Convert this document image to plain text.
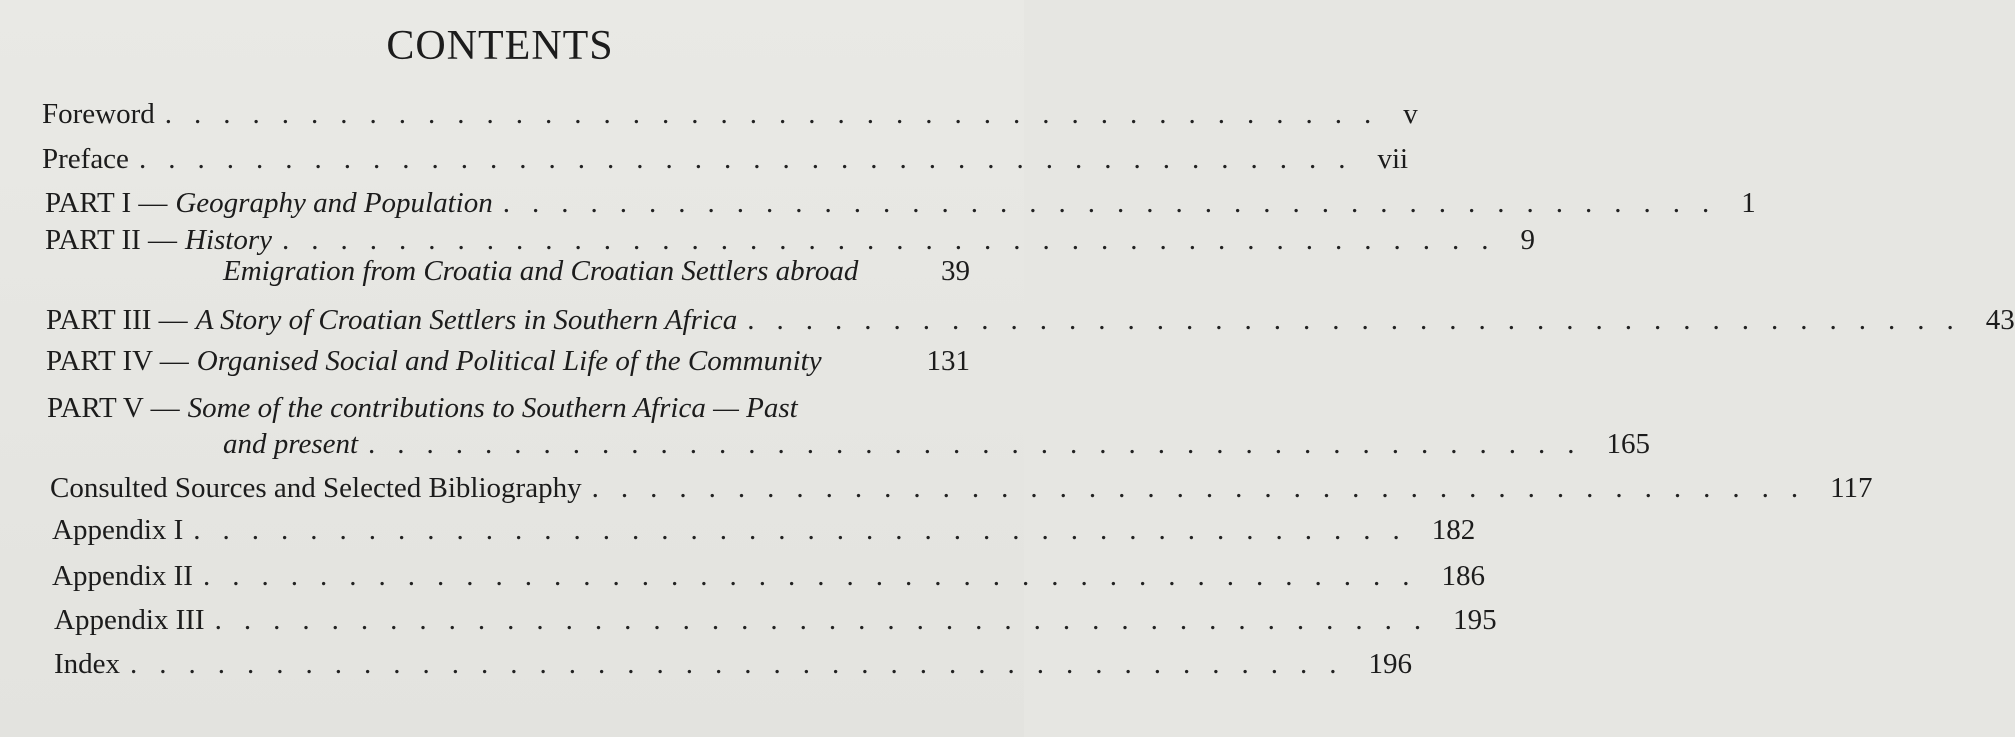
CONTENTS
Foreword .......................................... v
Preface .......................................... vii
PART I — Geography and Population .......................................... 1
PART II — History .......................................... 9
Emigration from Croatia and Croatian Settlers abroad	39
PART III — A Story of Croatian Settlers in Southern Africa .......................................... 43
PART IV — Organised Social and Political Life of the Community	131
PART V — Some of the contributions to Southern Africa — Past
and present .......................................... 165
Consulted Sources and Selected Bibliography .......................................... 117
Appendix I .......................................... 182
Appendix II .......................................... 186
Appendix III .......................................... 195
Index .......................................... 196
